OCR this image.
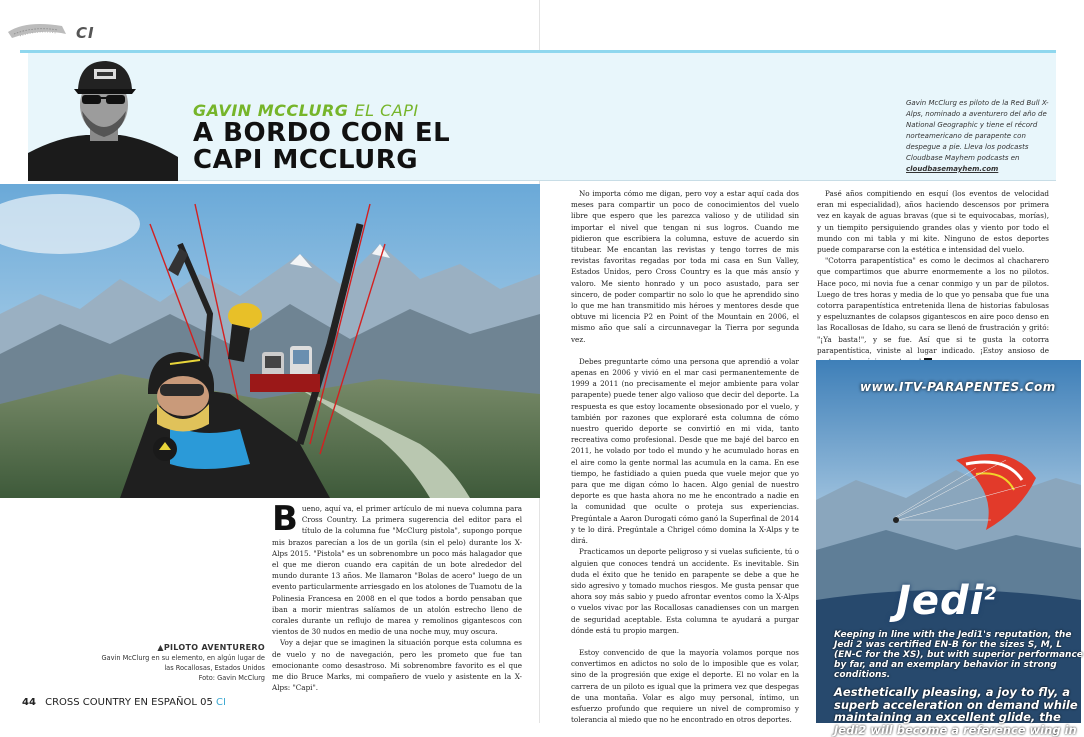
CI
GAVIN MCCLURG EL CAPI
A BORDO CON EL
CAPI MCCLURG
Gavin McClurg es piloto de la Red Bull X-Alps, nominado a aventurero del año de National Geographic y tiene el récord norteamericano de parapente con despegue a pie. Lleva los podcasts Cloudbase Mayhem podcasts en cloudbasemayhem.com
▲PILOTO AVENTURERO
Gavin McClurg en su elemento, en algún lugar de las Rocallosas, Estados Unidos
Foto: Gavin McClurg
B ueno, aquí va, el primer artículo de mi nueva columna para Cross Country. La primera sugerencia del editor para el título de la columna fue "McClurg pistola", supongo porque mis brazos parecían a los de un gorila (sin el pelo) durante los X-Alps 2015. "Pistola" es un sobrenombre un poco más halagador que el que me dieron cuando era capitán de un bote alrededor del mundo durante 13 años. Me llamaron "Bolas de acero" luego de un evento particularmente arriesgado en los atolones de Tuamotu de la Polinesia Francesa en 2008 en el que todos a bordo pensaban que iban a morir mientras salíamos de un atolón estrecho lleno de corales durante un reflujo de marea y remolinos gigantescos con vientos de 30 nudos en medio de una noche muy, muy oscura.

Voy a dejar que se imaginen la situación porque esta columna es de vuelo y no de navegación, pero les prometo que fue tan emocionante como desastroso. Mi sobrenombre favorito es el que me dio Bruce Marks, mi compañero de vuelo y asistente en la X-Alps: "Capi".

No importa cómo me digan, pero voy a estar aquí cada dos meses para compartir un poco de conocimientos del vuelo libre que espero que les parezca valioso y de utilidad sin importar el nivel que tengan ni sus logros. Cuando me pidieron que escribiera la columna, estuve de acuerdo sin titubear. Me encantan las revistas y tengo torres de mis revistas favoritas regadas por toda mi casa en Sun Valley, Estados Unidos, pero Cross Country es la que más ansío y valoro. Me siento honrado y un poco asustado, para ser sincero, de poder compartir no solo lo que he aprendido sino lo que me han transmitido mis héroes y mentores desde que obtuve mi licencia P2 en Point of the Mountain en 2006, el mismo año que salí a circunnavegar la Tierra por segunda vez.

Debes preguntarte cómo una persona que aprendió a volar apenas en 2006 y vivió en el mar casi permanentemente de 1999 a 2011 (no precisamente el mejor ambiente para volar parapente) puede tener algo valioso que decir del deporte. La respuesta es que estoy locamente obsesionado por el vuelo, y también por razones que exploraré esta columna de cómo nuestro querido deporte se convirtió en mi vida, tanto recreativa como profesional. Desde que me bajé del barco en 2011, he volado por todo el mundo y he acumulado horas en el aire como la gente normal las acumula en la cama. En ese tiempo, he fastidiado a quien pueda que vuele mejor que yo para que me digan cómo lo hacen. Algo genial de nuestro deporte es que hasta ahora no me he encontrado a nadie en la comunidad que oculte o proteja sus experiencias. Pregúntale a Aaron Durogati cómo ganó la Superfinal de 2014 y te lo dirá. Pregúntale a Chrigel cómo domina la X-Alps y te dirá.

Practicamos un deporte peligroso y si vuelas suficiente, tú o alguien que conoces tendrá un accidente. Es inevitable. Sin duda el éxito que he tenido en parapente se debe a que he sido agresivo y tomado muchos riesgos. Me gusta pensar que ahora soy más sabio y puedo afrontar eventos como la X-Alps o vuelos vivac por las Rocallosas canadienses con un margen de seguridad aceptable. Esta columna te ayudará a purgar dónde está tu propio margen.

Estoy convencido de que la mayoría volamos porque nos convertimos en adictos no solo de lo imposible que es volar, sino de la progresión que exige el deporte. El no volar en la carrera de un piloto es igual que la primera vez que despegas de una montaña. Volar es algo muy personal, íntimo, un esfuerzo profundo que requiere un nivel de compromiso y tolerancia al miedo que no he encontrado en otros deportes.

Pasé años compitiendo en esquí (los eventos de velocidad eran mi especialidad), años haciendo descensos por primera vez en kayak de aguas bravas (que si te equivocabas, morías), y un tiempito persiguiendo grandes olas y viento por todo el mundo con mi tabla y mi kite. Ninguno de estos deportes puede compararse con la estética e intensidad del vuelo.

"Cotorra parapentística" es como le decimos al chacharero que compartimos que aburre enormemente a los no pilotos. Hace poco, mi novia fue a cenar conmigo y un par de pilotos. Luego de tres horas y media de lo que yo pensaba que fue una cotorra parapentística entretenida llena de historias fabulosas y espeluznantes de colapsos gigantescos en aire poco denso en las Rocallosas de Idaho, su cara se llenó de frustración y gritó: "¡Ya basta!", y se fue. Así que si te gusta la cotorra parapentística, viniste al lugar indicado. ¡Estoy ansioso de

www.ITV-PARAPENTES.Com
Jedi$^2$
Keeping in line with the Jedi1's reputation, the Jedi 2 was certified EN-B for the sizes S, M, L (EN-C for the XS), but with superior performance by far, and an exemplary behavior in strong conditions.
Aesthetically pleasing, a joy to fly, a superb acceleration on demand while maintaining an excellent glide, the Jedi2 will become a reference wing in
44 CROSS COUNTRY EN ESPAÑOL 05 CI
